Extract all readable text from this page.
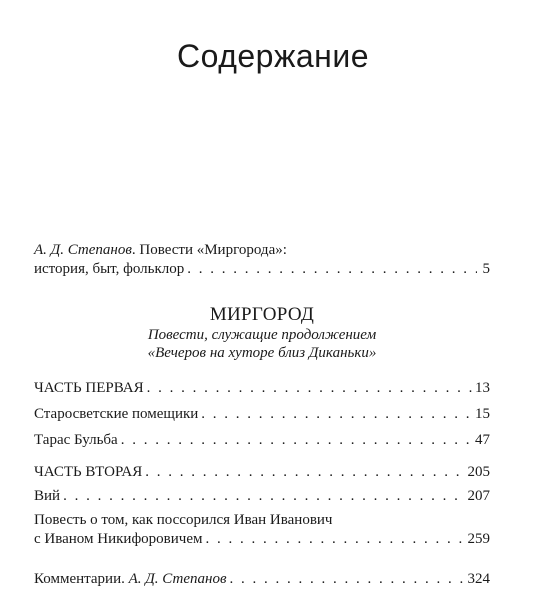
Содержание
А. Д. Степанов. Повести «Миргорода»:
история, быт, фольклор . . .	5
МИРГОРОД
Повести, служащие продолжением
«Вечеров на хуторе близ Диканьки»
ЧАСТЬ ПЕРВАЯ . . .	13
Старосветские помещики . . .	15
Тарас Бульба . . .	47
ЧАСТЬ ВТОРАЯ . . .	205
Вий . . .	207
Повесть о том, как поссорился Иван Иванович
с Иваном Никифоровичем . . .	259
Комментарии. А. Д. Степанов . . .	324
